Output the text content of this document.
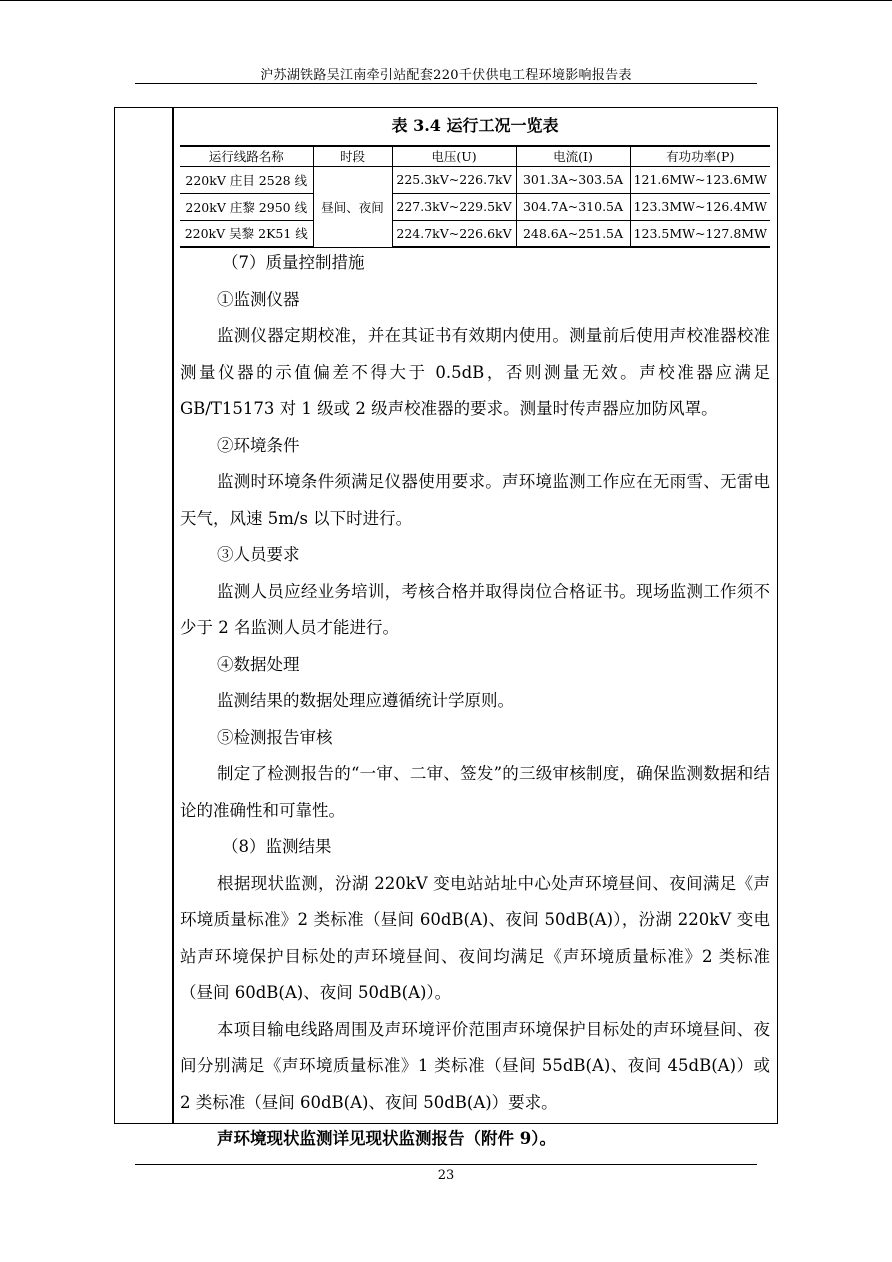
沪苏湖铁路吴江南牵引站配套220千伏供电工程环境影响报告表
表 3.4 运行工况一览表
运行线路名称	时段	电压(U)	电流(I)	有功功率(P)
220kV 庄目 2528 线	昼间、夜间	225.3kV~226.7kV	301.3A~303.5A	121.6MW~123.6MW
220kV 庄黎 2950 线		227.3kV~229.5kV	304.7A~310.5A	123.3MW~126.4MW
220kV 吴黎 2K51 线		224.7kV~226.6kV	248.6A~251.5A	123.5MW~127.8MW

（7）质量控制措施

①监测仪器

监测仪器定期校准，并在其证书有效期内使用。测量前后使用声校准器校准测量仪器的示值偏差不得大于 0.5dB，否则测量无效。声校准器应满足 GB/T15173 对 1 级或 2 级声校准器的要求。测量时传声器应加防风罩。

②环境条件

监测时环境条件须满足仪器使用要求。声环境监测工作应在无雨雪、无雷电天气，风速 5m/s 以下时进行。

③人员要求

监测人员应经业务培训，考核合格并取得岗位合格证书。现场监测工作须不少于 2 名监测人员才能进行。

④数据处理

监测结果的数据处理应遵循统计学原则。

⑤检测报告审核

制定了检测报告的“一审、二审、签发”的三级审核制度，确保监测数据和结论的准确性和可靠性。

（8）监测结果

根据现状监测，汾湖 220kV 变电站站址中心处声环境昼间、夜间满足《声环境质量标准》2 类标准（昼间 60dB(A)、夜间 50dB(A)），汾湖 220kV 变电站声环境保护目标处的声环境昼间、夜间均满足《声环境质量标准》2 类标准（昼间 60dB(A)、夜间 50dB(A)）。

本项目输电线路周围及声环境评价范围声环境保护目标处的声环境昼间、夜间分别满足《声环境质量标准》1 类标准（昼间 55dB(A)、夜间 45dB(A)）或 2 类标准（昼间 60dB(A)、夜间 50dB(A)）要求。

声环境现状监测详见现状监测报告（附件 9）。

23
